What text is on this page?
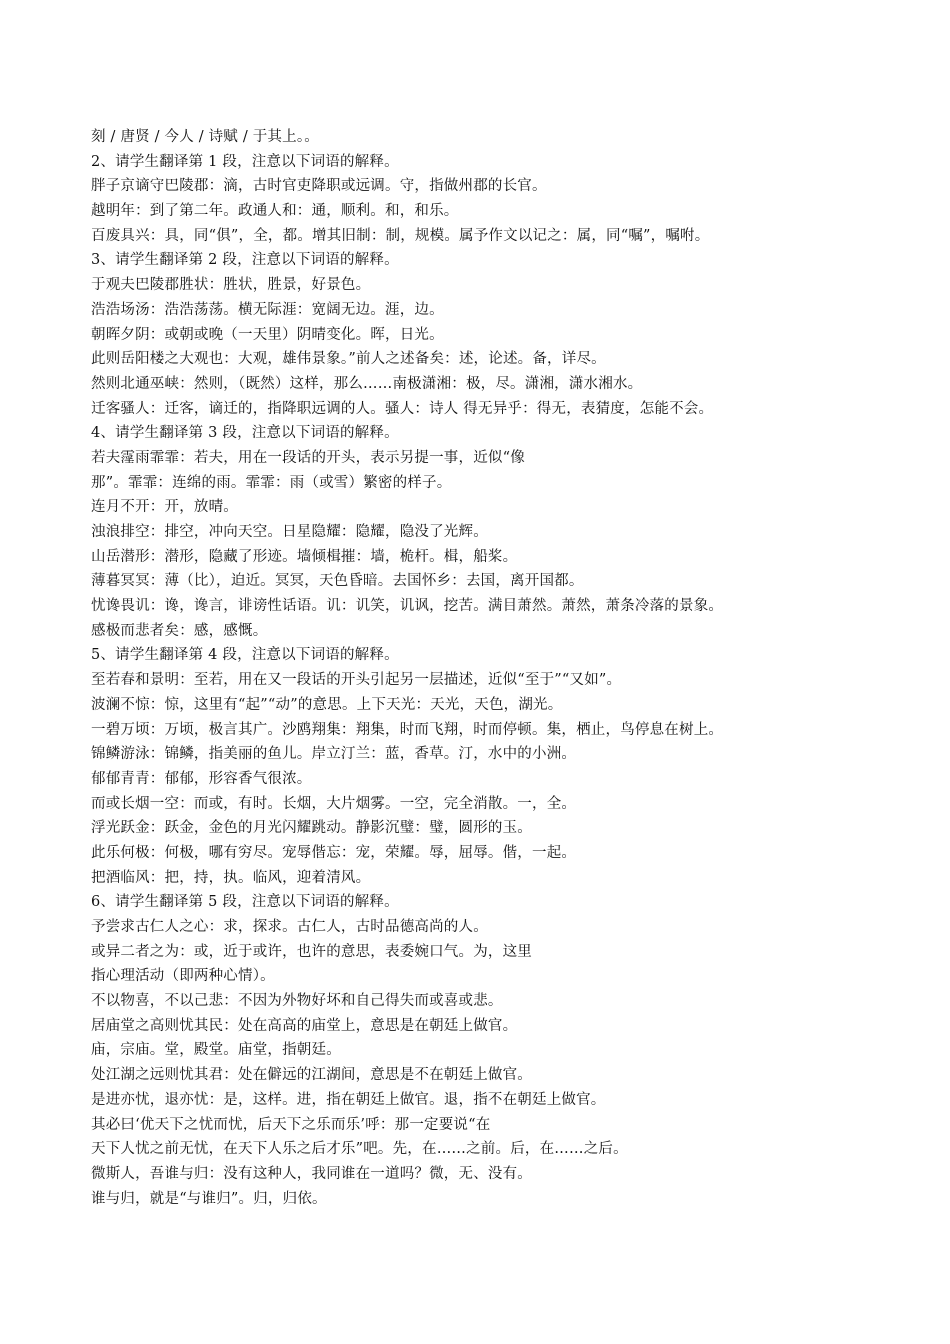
刻 / 唐贤 / 今人 / 诗赋 / 于其上。。
2、请学生翻译第 1 段，注意以下词语的解释。
胖子京谪守巴陵郡：滴，古时官吏降职或远调。守，指做州郡的长官。
越明年：到了第二年。政通人和：通，顺利。和，和乐。
百废具兴：具，同“俱”，全，都。增其旧制：制，规模。属予作文以记之：属，同“嘱”，嘱咐。
3、请学生翻译第 2 段，注意以下词语的解释。
于观夫巴陵郡胜状：胜状，胜景，好景色。
浩浩场汤：浩浩荡荡。横无际涯：宽阔无边。涯，边。
朝晖夕阴：或朝或晚（一天里）阴晴变化。晖，日光。
此则岳阳楼之大观也：大观，雄伟景象。”前人之述备矣：述，论述。备，详尽。
然则北通巫峡：然则，（既然）这样，那么……南极潇湘：极，尽。潇湘，潇水湘水。
迁客骚人：迁客，谪迁的，指降职远调的人。骚人：诗人 得无异乎：得无，表猜度，怎能不会。
4、请学生翻译第 3 段，注意以下词语的解释。
若夫霪雨霏霏：若夫，用在一段话的开头，表示另提一事，近似“像
那”。霏霏：连绵的雨。霏霏：雨（或雪）繁密的样子。
连月不开：开，放晴。
浊浪排空：排空，冲向天空。日星隐耀：隐耀，隐没了光辉。
山岳潜形：潜形，隐藏了形迹。墙倾楫摧：墙，桅杆。楫，船桨。
薄暮冥冥：薄（比），迫近。冥冥，天色昏暗。去国怀乡：去国，离开国都。
忧谗畏讥：谗，谗言，诽谤性话语。讥：讥笑，讥讽，挖苦。满目萧然。萧然，萧条冷落的景象。
感极而悲者矣：感，感慨。
5、请学生翻译第 4 段，注意以下词语的解释。
至若春和景明：至若，用在又一段话的开头引起另一层描述，近似“至于”“又如”。
波澜不惊：惊，这里有“起”“动”的意思。上下天光：天光，天色，湖光。
一碧万顷：万顷，极言其广。沙鸥翔集：翔集，时而飞翔，时而停顿。集，栖止，鸟停息在树上。
锦鳞游泳：锦鳞，指美丽的鱼儿。岸立汀兰：蓝，香草。汀，水中的小洲。
郁郁青青：郁郁，形容香气很浓。
而或长烟一空：而或，有时。长烟，大片烟雾。一空，完全消散。一，全。
浮光跃金：跃金，金色的月光闪耀跳动。静影沉璧：璧，圆形的玉。
此乐何极：何极，哪有穷尽。宠辱偕忘：宠，荣耀。辱，屈辱。偕，一起。
把酒临风：把，持，执。临风，迎着清风。
6、请学生翻译第 5 段，注意以下词语的解释。
予尝求古仁人之心：求，探求。古仁人，古时品德高尚的人。
或异二者之为：或，近于或许，也许的意思，表委婉口气。为，这里
指心理活动（即两种心情）。
不以物喜，不以己悲：不因为外物好坏和自己得失而或喜或悲。
居庙堂之高则忧其民：处在高高的庙堂上，意思是在朝廷上做官。
庙，宗庙。堂，殿堂。庙堂，指朝廷。
处江湖之远则忧其君：处在僻远的江湖间，意思是不在朝廷上做官。
是进亦忧，退亦忧：是，这样。进，指在朝廷上做官。退，指不在朝廷上做官。
其必曰‘优天下之忧而忧，后天下之乐而乐’呼：那一定要说“在
天下人忧之前无忧，在天下人乐之后才乐”吧。先，在……之前。后，在……之后。
微斯人，吾谁与归：没有这种人，我同谁在一道吗？微，无、没有。
谁与归，就是“与谁归”。归，归依。
